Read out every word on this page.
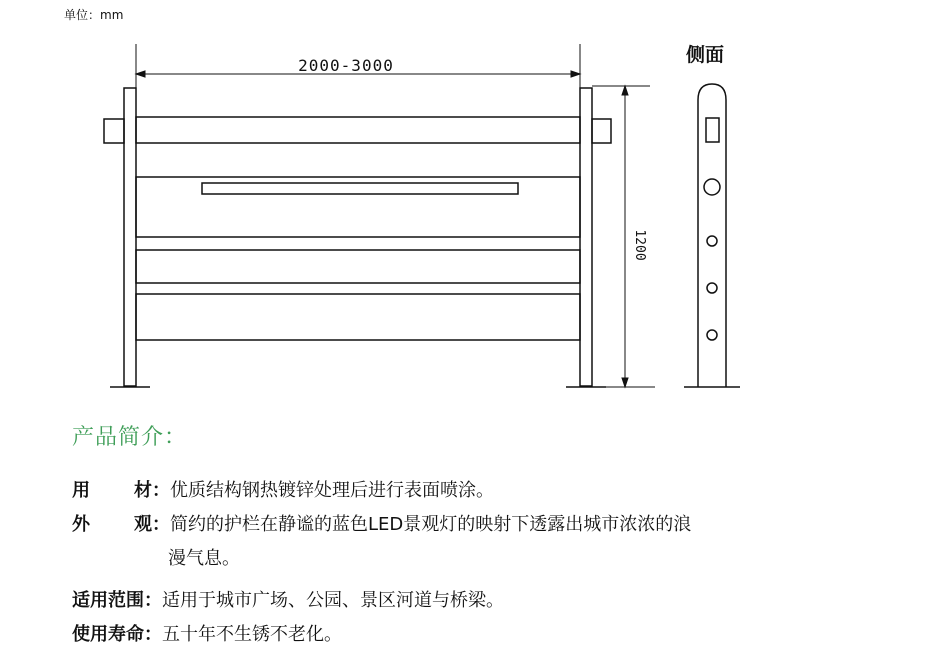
单位：mm
2000-3000
1200
侧面
产品简介：
用 材：优质结构钢热镀锌处理后进行表面喷涂。
外 观：简约的护栏在静谧的蓝色LED景观灯的映射下透露出城市浓浓的浪
漫气息。
适用范围：适用于城市广场、公园、景区河道与桥梁。
使用寿命：五十年不生锈不老化。
